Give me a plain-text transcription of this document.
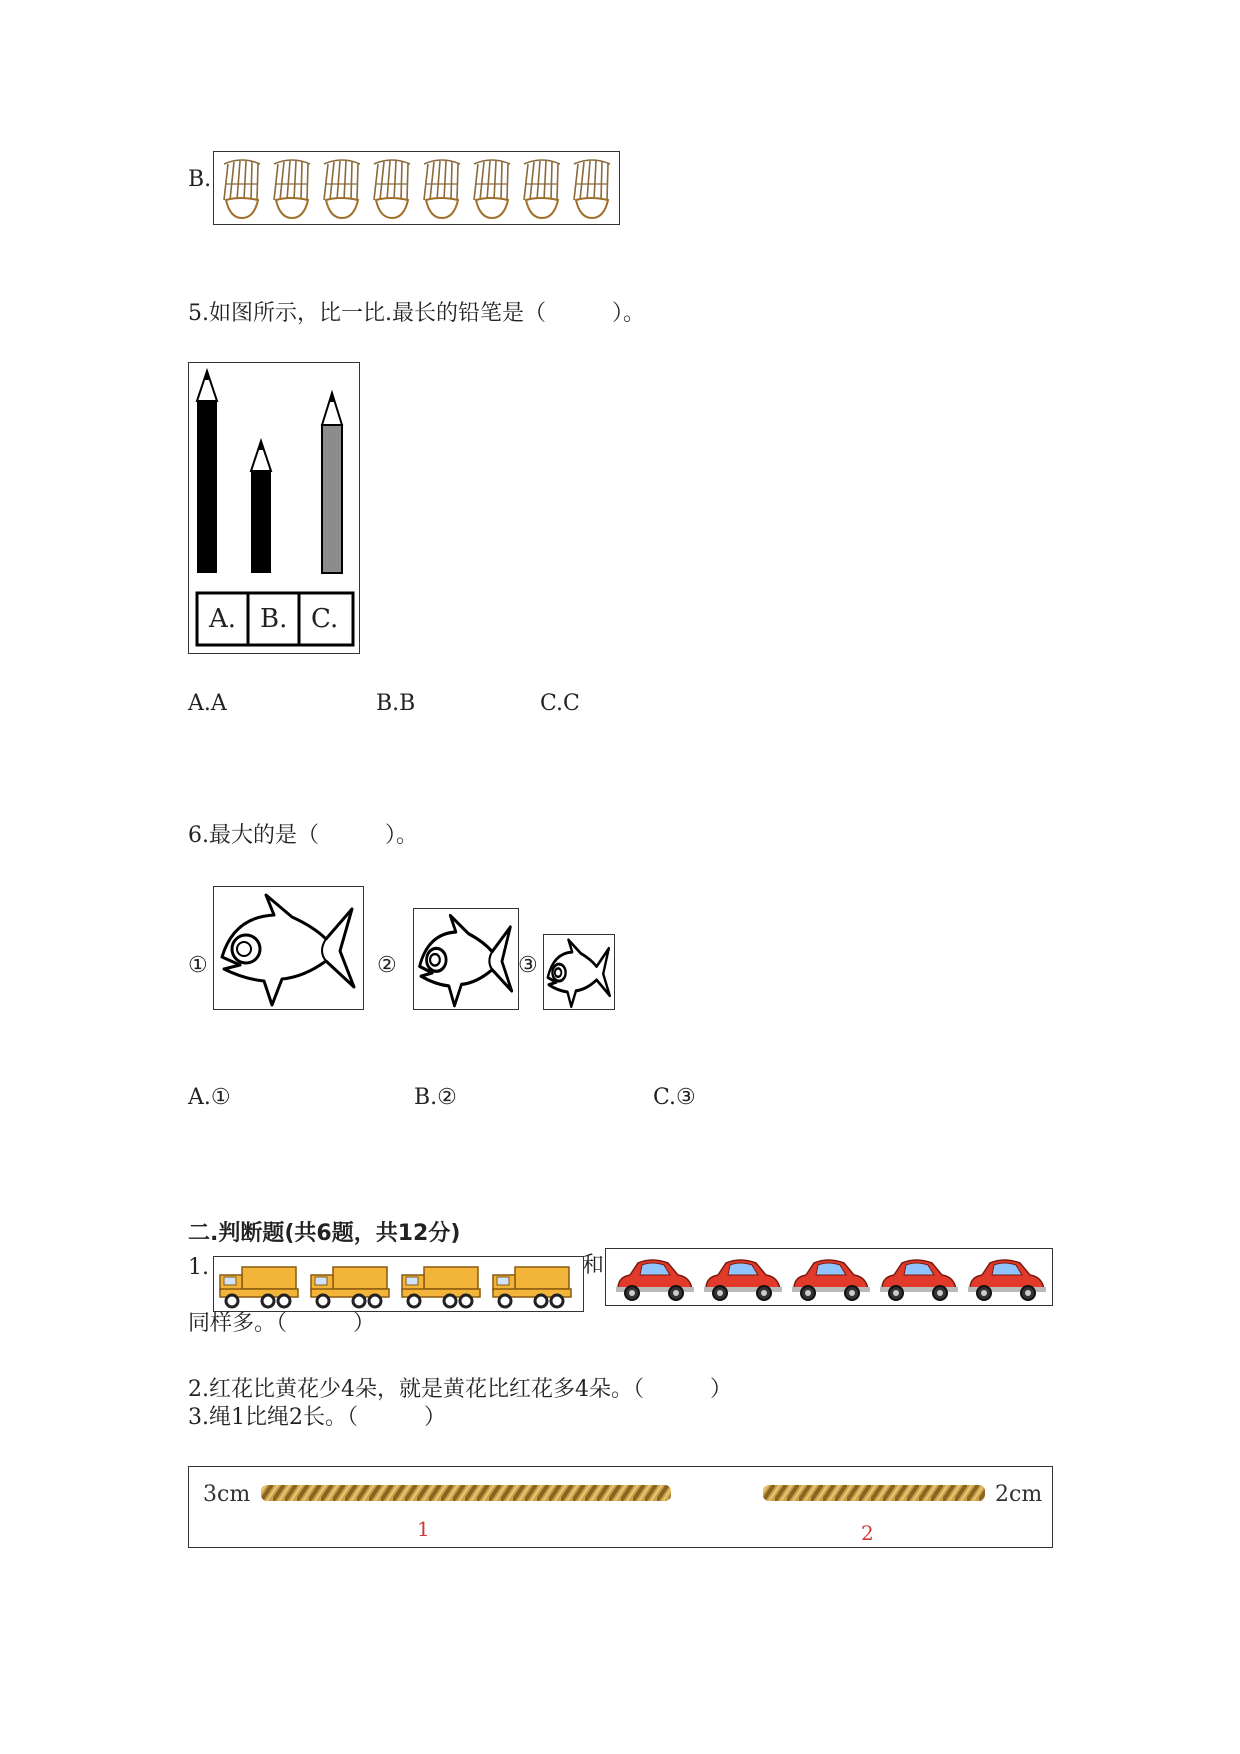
B.
5.如图所示，比一比.最长的铅笔是（　　　）。
A. B. C.
A.A	B.B	C.C
6.最大的是（　　　）。
①	②	③
A.①	B.②	C.③
二.判断题(共6题，共12分)
1.	和
同样多。（　　　）
2.红花比黄花少4朵，就是黄花比红花多4朵。（　　　）
3.绳1比绳2长。（　　　）
3cm
1
2cm
2
